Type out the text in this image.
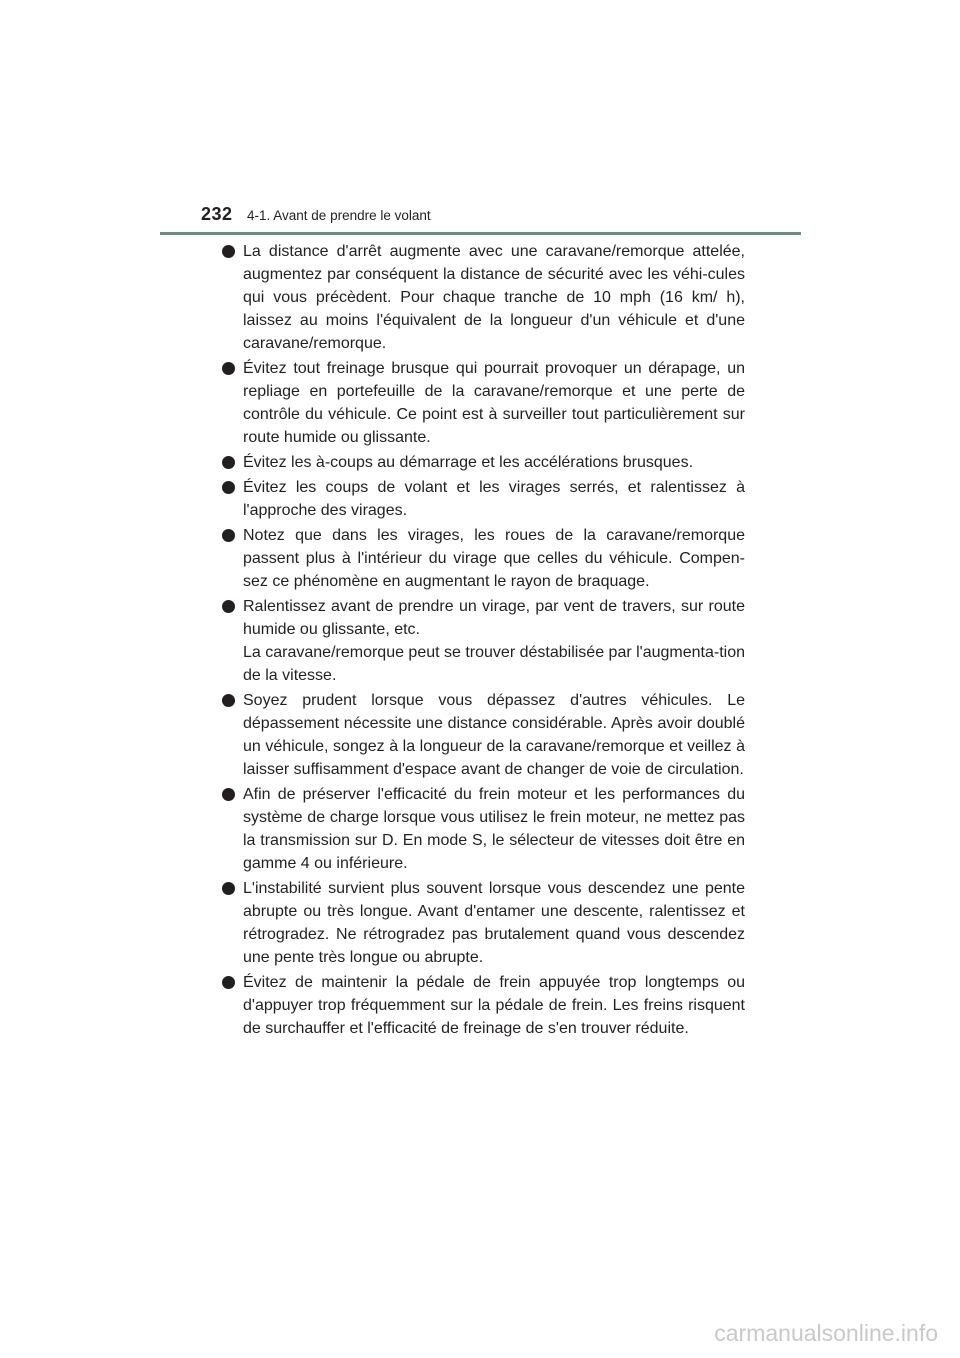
232 4-1. Avant de prendre le volant

La distance d'arrêt augmente avec une caravane/remorque attelée, augmentez par conséquent la distance de sécurité avec les véhi-cules qui vous précèdent. Pour chaque tranche de 10 mph (16 km/ h), laissez au moins l'équivalent de la longueur d'un véhicule et d'une caravane/remorque.

Évitez tout freinage brusque qui pourrait provoquer un dérapage, un repliage en portefeuille de la caravane/remorque et une perte de contrôle du véhicule. Ce point est à surveiller tout particulièrement sur route humide ou glissante.

Évitez les à-coups au démarrage et les accélérations brusques.

Évitez les coups de volant et les virages serrés, et ralentissez à l'approche des virages.

Notez que dans les virages, les roues de la caravane/remorque passent plus à l'intérieur du virage que celles du véhicule. Compen-sez ce phénomène en augmentant le rayon de braquage.

Ralentissez avant de prendre un virage, par vent de travers, sur route humide ou glissante, etc.

La caravane/remorque peut se trouver déstabilisée par l'augmenta-tion de la vitesse.

Soyez prudent lorsque vous dépassez d'autres véhicules. Le dépassement nécessite une distance considérable. Après avoir doublé un véhicule, songez à la longueur de la caravane/remorque et veillez à laisser suffisamment d'espace avant de changer de voie de circulation.

Afin de préserver l'efficacité du frein moteur et les performances du système de charge lorsque vous utilisez le frein moteur, ne mettez pas la transmission sur D. En mode S, le sélecteur de vitesses doit être en gamme 4 ou inférieure.

L'instabilité survient plus souvent lorsque vous descendez une pente abrupte ou très longue. Avant d'entamer une descente, ralentissez et rétrogradez. Ne rétrogradez pas brutalement quand vous descendez une pente très longue ou abrupte.

Évitez de maintenir la pédale de frein appuyée trop longtemps ou d'appuyer trop fréquemment sur la pédale de frein. Les freins risquent de surchauffer et l'efficacité de freinage de s'en trouver réduite.

carmanualsonline.info
